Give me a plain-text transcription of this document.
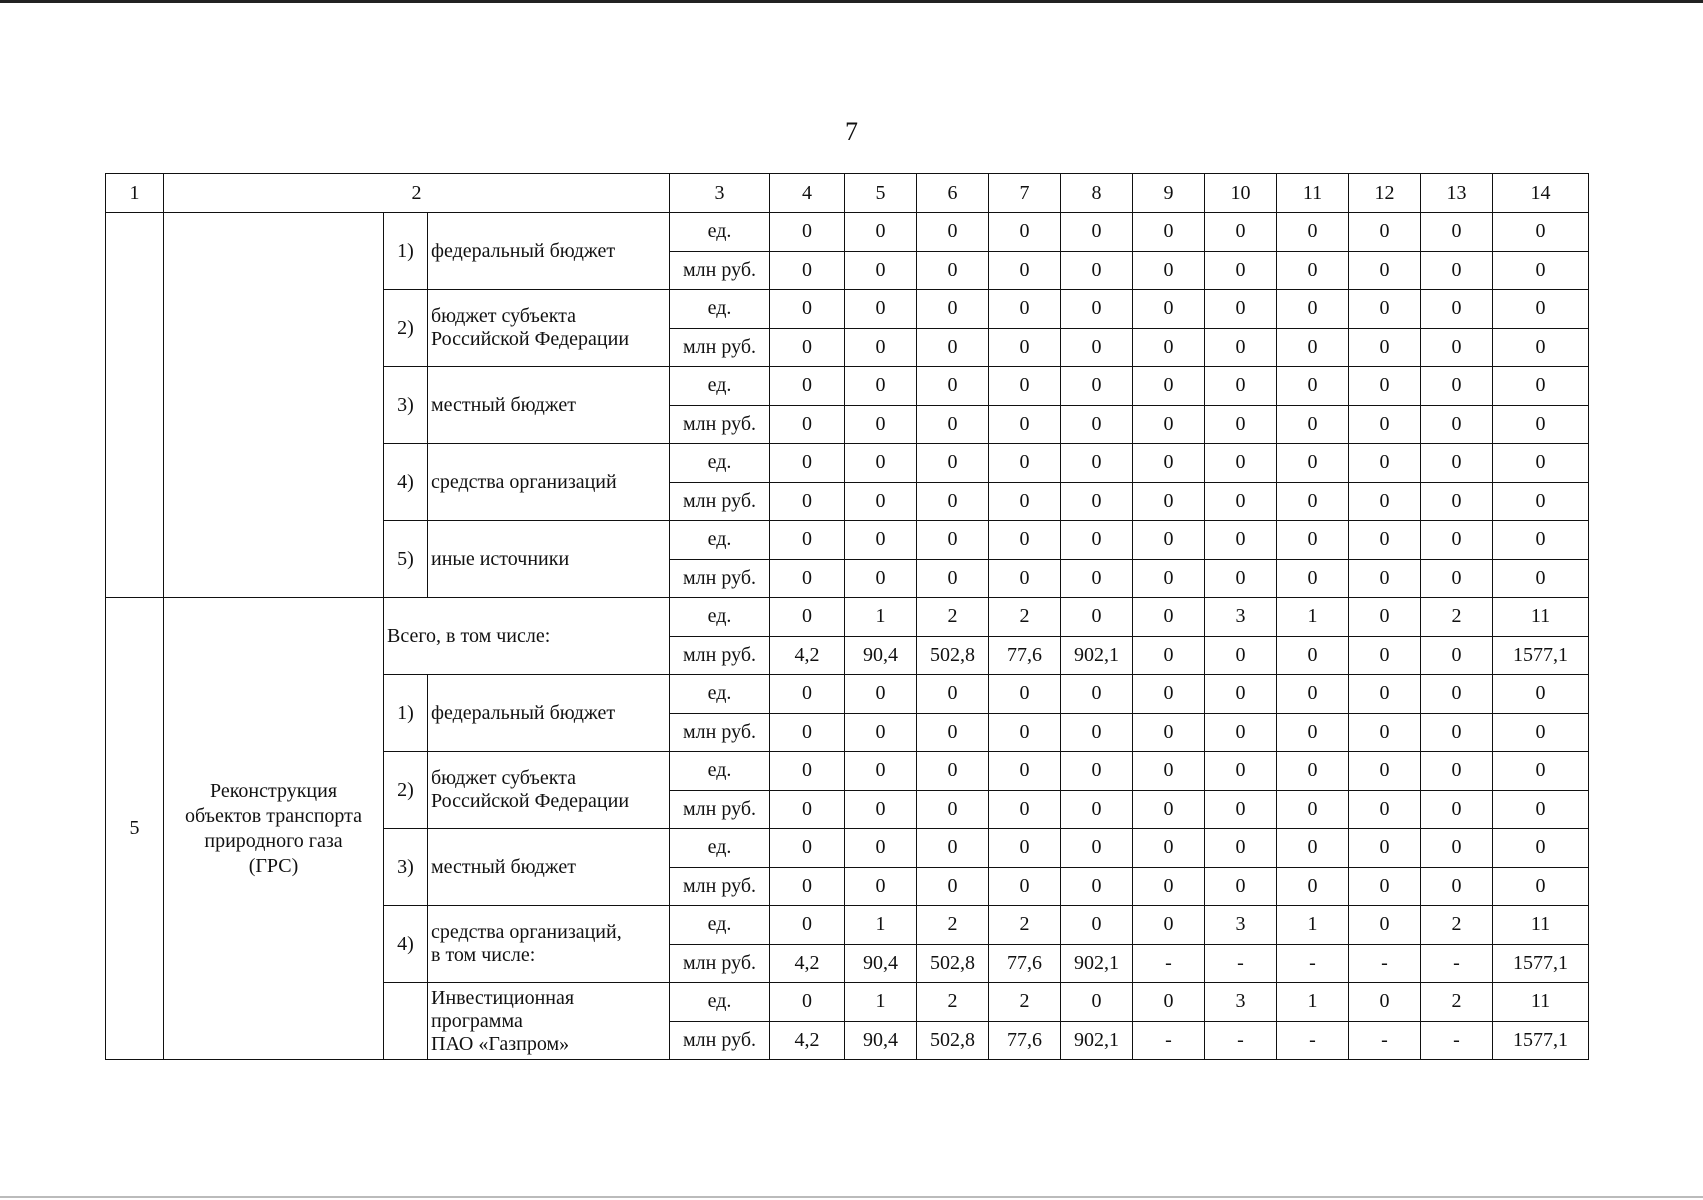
7
1	2			3	4	5	6	7	8	9	10	11	12	13	14
		1)	федеральный бюджет	ед.	0	0	0	0	0	0	0	0	0	0	0
				млн руб.	0	0	0	0	0	0	0	0	0	0	0
		2)	бюджет субъекта
Российской Федерации	ед.	0	0	0	0	0	0	0	0	0	0	0
				млн руб.	0	0	0	0	0	0	0	0	0	0	0
		3)	местный бюджет	ед.	0	0	0	0	0	0	0	0	0	0	0
				млн руб.	0	0	0	0	0	0	0	0	0	0	0
		4)	средства организаций	ед.	0	0	0	0	0	0	0	0	0	0	0
				млн руб.	0	0	0	0	0	0	0	0	0	0	0
		5)	иные источники	ед.	0	0	0	0	0	0	0	0	0	0	0
				млн руб.	0	0	0	0	0	0	0	0	0	0	0
5	Реконструкция
объектов транспорта
природного газа
(ГРС)	Всего, в том числе:		ед.	0	1	2	2	0	0	3	1	0	2	11
				млн руб.	4,2	90,4	502,8	77,6	902,1	0	0	0	0	0	1577,1
		1)	федеральный бюджет	ед.	0	0	0	0	0	0	0	0	0	0	0
				млн руб.	0	0	0	0	0	0	0	0	0	0	0
		2)	бюджет субъекта
Российской Федерации	ед.	0	0	0	0	0	0	0	0	0	0	0
				млн руб.	0	0	0	0	0	0	0	0	0	0	0
		3)	местный бюджет	ед.	0	0	0	0	0	0	0	0	0	0	0
				млн руб.	0	0	0	0	0	0	0	0	0	0	0
		4)	средства организаций,
в том числе:	ед.	0	1	2	2	0	0	3	1	0	2	11
				млн руб.	4,2	90,4	502,8	77,6	902,1	-	-	-	-	-	1577,1
			Инвестиционная
программа
ПАО «Газпром»	ед.	0	1	2	2	0	0	3	1	0	2	11
				млн руб.	4,2	90,4	502,8	77,6	902,1	-	-	-	-	-	1577,1
